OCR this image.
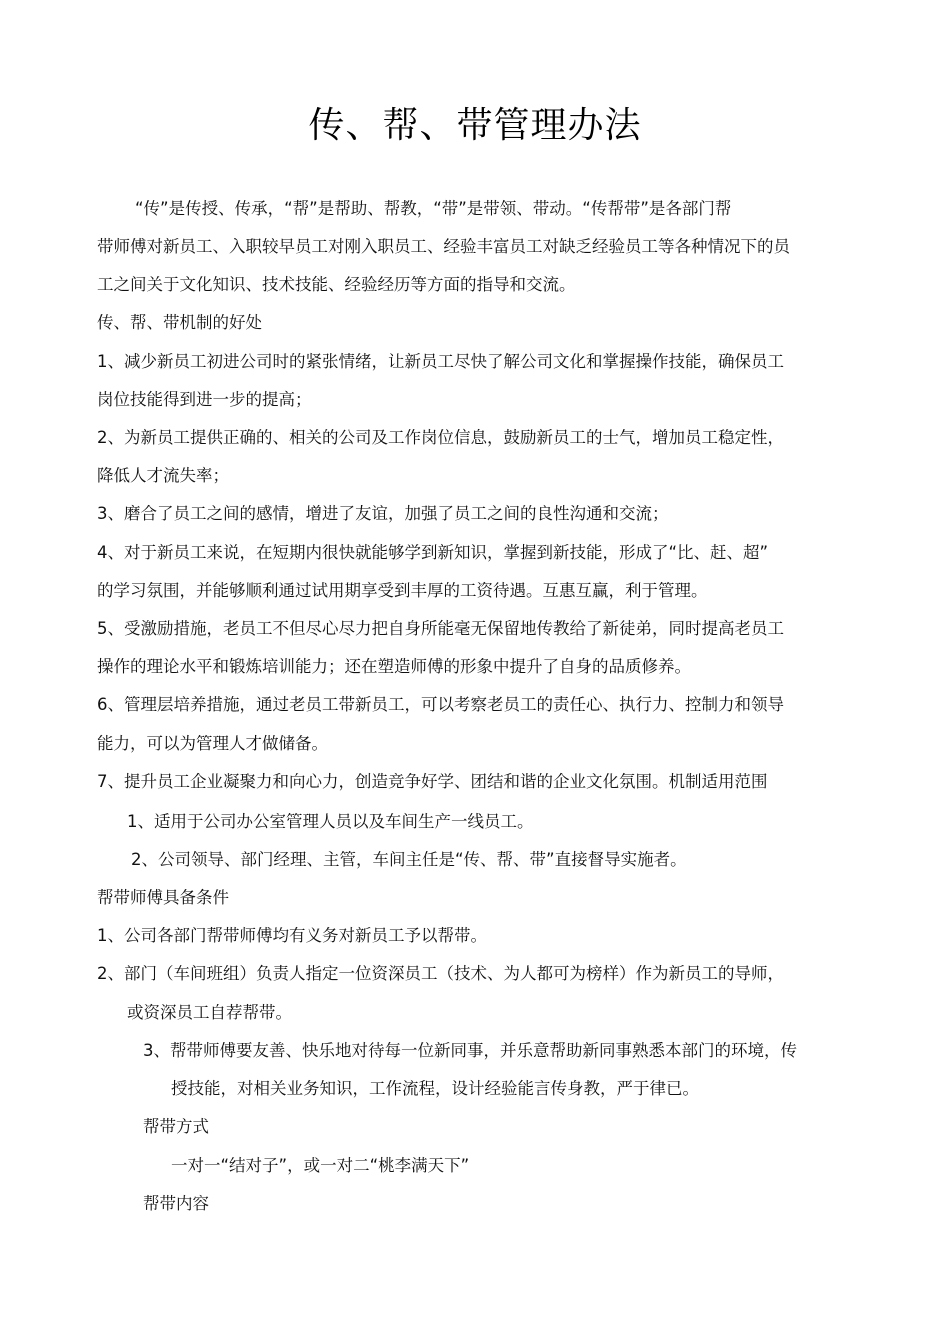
传、帮、带管理办法
“传”是传授、传承，“帮”是帮助、帮教，“带”是带领、带动。“传帮带”是各部门帮
带师傅对新员工、入职较早员工对刚入职员工、经验丰富员工对缺乏经验员工等各种情况下的员
工之间关于文化知识、技术技能、经验经历等方面的指导和交流。
传、帮、带机制的好处
1、减少新员工初进公司时的紧张情绪，让新员工尽快了解公司文化和掌握操作技能，确保员工
岗位技能得到进一步的提高；
2、为新员工提供正确的、相关的公司及工作岗位信息，鼓励新员工的士气，增加员工稳定性，
降低人才流失率；
3、磨合了员工之间的感情，增进了友谊，加强了员工之间的良性沟通和交流；
4、对于新员工来说，在短期内很快就能够学到新知识，掌握到新技能，形成了“比、赶、超”
的学习氛围，并能够顺利通过试用期享受到丰厚的工资待遇。互惠互赢，利于管理。
5、受激励措施，老员工不但尽心尽力把自身所能毫无保留地传教给了新徒弟，同时提高老员工
操作的理论水平和锻炼培训能力；还在塑造师傅的形象中提升了自身的品质修养。
6、管理层培养措施，通过老员工带新员工，可以考察老员工的责任心、执行力、控制力和领导
能力，可以为管理人才做储备。
7、提升员工企业凝聚力和向心力，创造竞争好学、团结和谐的企业文化氛围。机制适用范围
1、适用于公司办公室管理人员以及车间生产一线员工。
2、公司领导、部门经理、主管，车间主任是“传、帮、带”直接督导实施者。
帮带师傅具备条件
1、公司各部门帮带师傅均有义务对新员工予以帮带。
2、部门（车间班组）负责人指定一位资深员工（技术、为人都可为榜样）作为新员工的导师，
或资深员工自荐帮带。
3、帮带师傅要友善、快乐地对待每一位新同事，并乐意帮助新同事熟悉本部门的环境，传
授技能，对相关业务知识，工作流程，设计经验能言传身教，严于律已。
帮带方式
一对一“结对子”，或一对二“桃李满天下”
帮带内容
